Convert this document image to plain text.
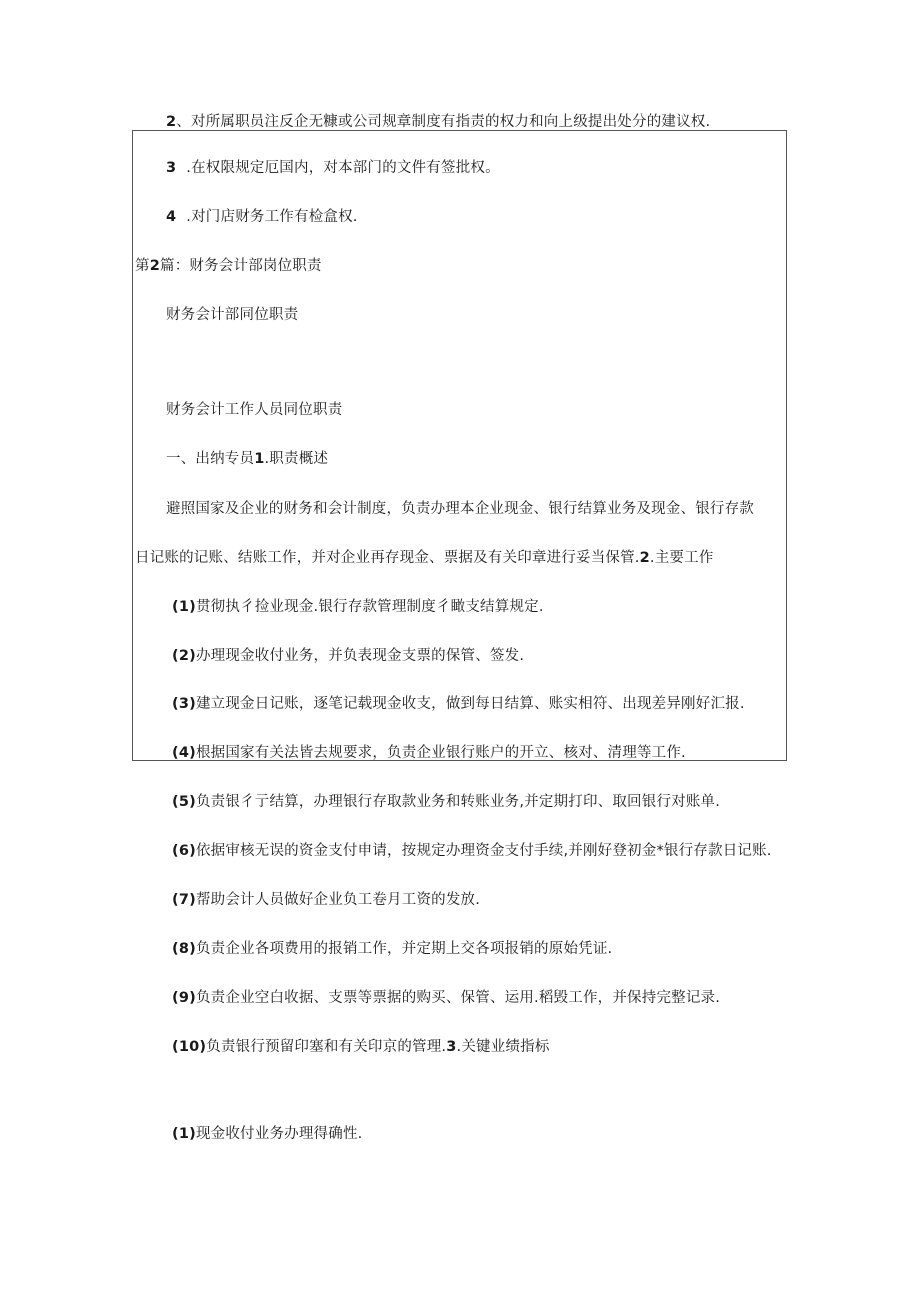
2、对所属职员注反企无糠或公司规章制度有指责的权力和向上级提出处分的建议权.
3 .在权限规定厄国内，对本部门的文件有签批权。
4 .对门店财务工作有检盒权.
第2篇：财务会计部岗位职责
财务会计部同位职责
财务会计工作人员同位职责
一、出纳专员1.职责概述
避照国家及企业的财务和会计制度，负责办理本企业现金、银行结算业务及现金、银行存款
日记账的记账、结账工作，并对企业再存现金、票据及有关印章进行妥当保管.2.主要工作
(1)贯彻执彳捡业现金.银行存款管理制度彳瞰支结算规定.
(2)办理现金收付业务，并负表现金支票的保管、签发.
(3)建立现金日记账，逐笔记载现金收支，做到每日结算、账实相符、出现差异刚好汇报.
(4)根据国家有关法皆去规要求，负责企业银行账户的开立、核对、清理等工作.
(5)负责银彳亍结算，办理银行存取款业务和转账业务,并定期打印、取回银行对账单.
(6)依据审核无误的资金支付申请，按规定办理资金支付手续,并刚好登初金*银行存款日记账.
(7)帮助会计人员做好企业负工卷月工资的发放.
(8)负责企业各项费用的报销工作，并定期上交各项报销的原始凭证.
(9)负责企业空白收据、支票等票据的购买、保管、运用.稻毁工作，并保持完整记录.
(10)负责银行预留印塞和有关印京的管理.3.关键业绩指标
(1)现金收付业务办理得确性.
